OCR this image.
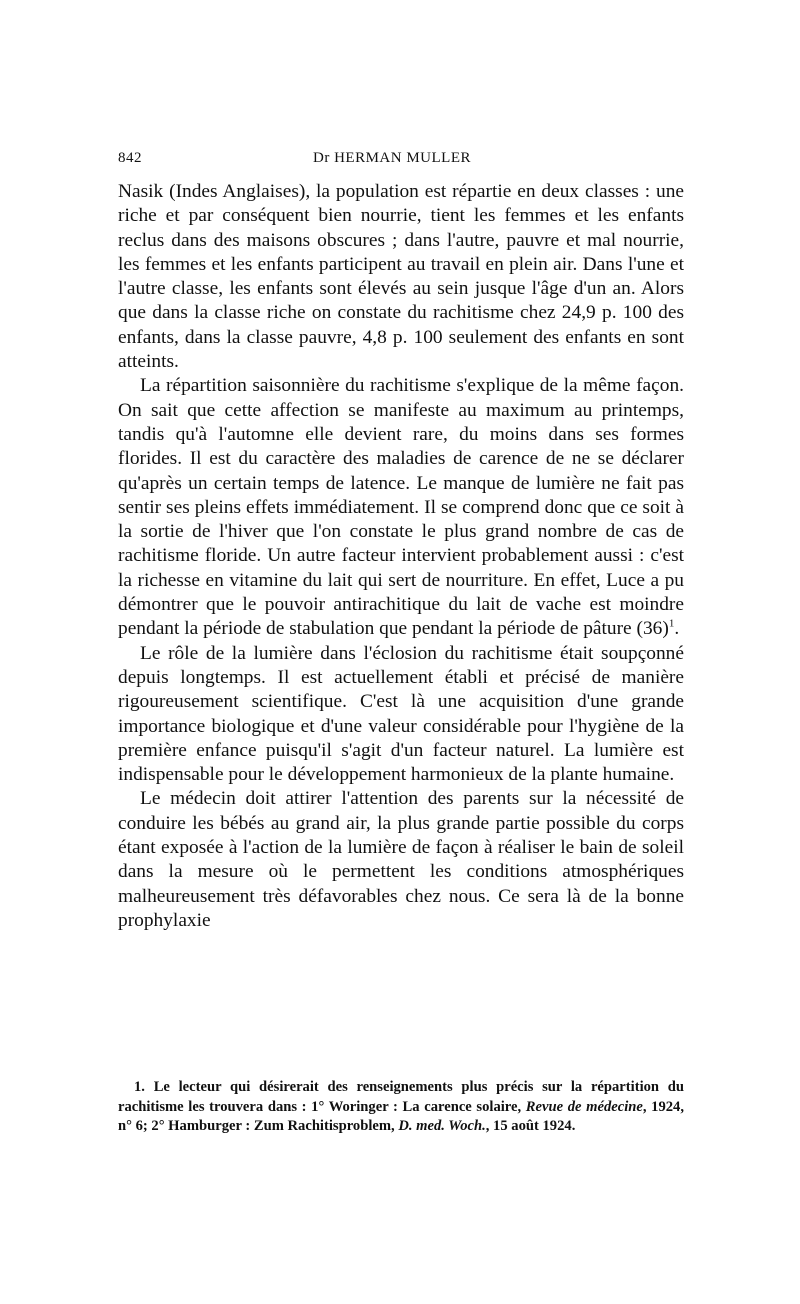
842	Dr HERMAN MULLER

Nasik (Indes Anglaises), la population est répartie en deux classes : une riche et par conséquent bien nourrie, tient les femmes et les enfants reclus dans des maisons obscures ; dans l'autre, pauvre et mal nourrie, les femmes et les enfants participent au travail en plein air. Dans l'une et l'autre classe, les enfants sont élevés au sein jusque l'âge d'un an. Alors que dans la classe riche on constate du rachitisme chez 24,9 p. 100 des enfants, dans la classe pauvre, 4,8 p. 100 seulement des enfants en sont atteints.

La répartition saisonnière du rachitisme s'explique de la même façon. On sait que cette affection se manifeste au maximum au printemps, tandis qu'à l'automne elle devient rare, du moins dans ses formes florides. Il est du caractère des maladies de carence de ne se déclarer qu'après un certain temps de latence. Le manque de lumière ne fait pas sentir ses pleins effets immédiatement. Il se comprend donc que ce soit à la sortie de l'hiver que l'on constate le plus grand nombre de cas de rachitisme floride. Un autre facteur intervient probablement aussi : c'est la richesse en vitamine du lait qui sert de nourriture. En effet, Luce a pu démontrer que le pouvoir antirachitique du lait de vache est moindre pendant la période de stabulation que pendant la période de pâture $(36)^1$.

Le rôle de la lumière dans l'éclosion du rachitisme était soupçonné depuis longtemps. Il est actuellement établi et précisé de manière rigoureusement scientifique. C'est là une acquisition d'une grande importance biologique et d'une valeur considérable pour l'hygiène de la première enfance puisqu'il s'agit d'un facteur naturel. La lumière est indispensable pour le développement harmonieux de la plante humaine.

Le médecin doit attirer l'attention des parents sur la nécessité de conduire les bébés au grand air, la plus grande partie possible du corps étant exposée à l'action de la lumière de façon à réaliser le bain de soleil dans la mesure où le permettent les conditions atmosphériques malheureusement très défavorables chez nous. Ce sera là de la bonne prophylaxie

1. Le lecteur qui désirerait des renseignements plus précis sur la répartition du rachitisme les trouvera dans : 1° Woringer : La carence solaire, Revue de médecine, 1924, n° 6; 2° Hamburger : Zum Rachitisproblem, D. med. Woch., 15 août 1924.
